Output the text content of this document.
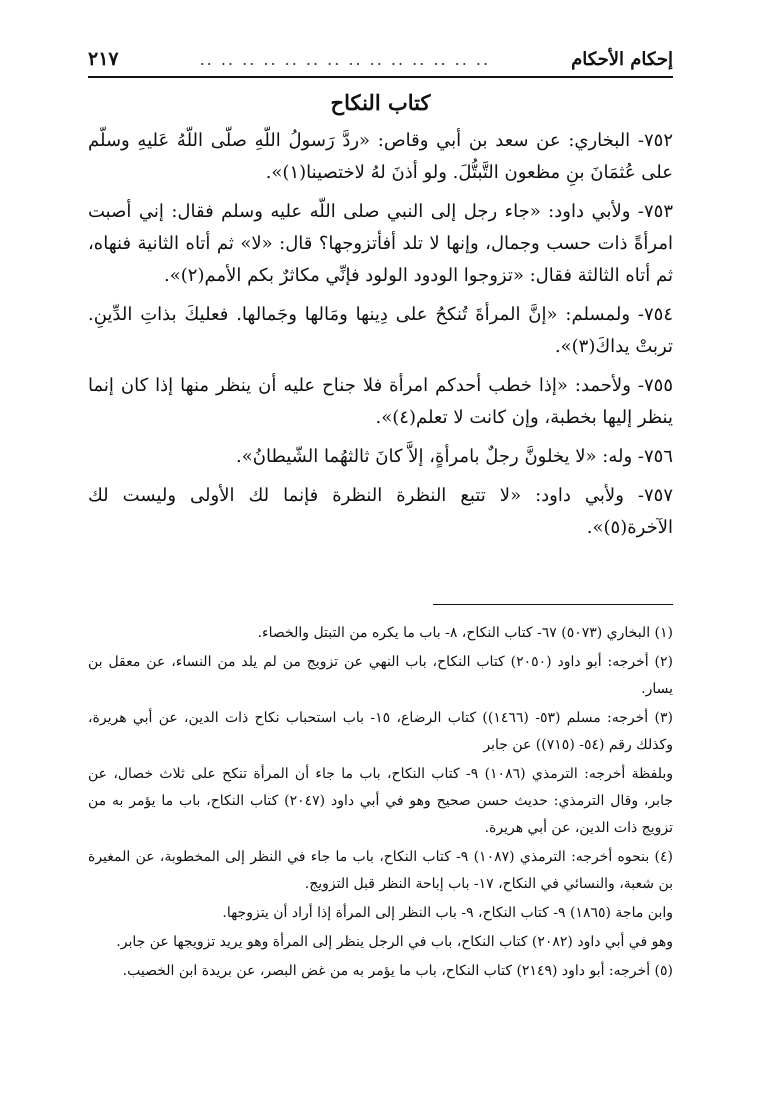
٢١٧	.. .. .. .. .. .. .. .. .. .. .. .. .. ..	إحكام الأحكام
كتاب النكاح

٧٥٢- البخاري: عن سعد بن أبي وقاص: «ردَّ رَسولُ اللّهِ صلّى اللّهُ عَليهِ وسلّم على عُثمَانَ بنِ مظعون التَّبتُّلَ. ولو أذنَ لهُ لاختصينا(١)».

٧٥٣- ولأبي داود: «جاء رجل إلى النبي صلى اللّه عليه وسلم فقال: إني أصبت امرأةً ذات حسب وجمال، وإنها لا تلد أفأتزوجها؟ قال: «لا» ثم أتاه الثانية فنهاه، ثم أتاه الثالثة فقال: «تزوجوا الودود الولود فإنِّي مكاثرٌ بكم الأمم(٢)».

٧٥٤- ولمسلم: «إنَّ المرأةَ تُنكحُ على دِينها ومَالها وجَمالها. فعليكَ بذاتِ الدِّينِ. تربتْ يداكَ(٣)».

٧٥٥- ولأحمد: «إذا خطب أحدكم امرأة فلا جناح عليه أن ينظر منها إذا كان إنما ينظر إليها بخطبة، وإن كانت لا تعلم(٤)».

٧٥٦- وله: «لا يخلونَّ رجلٌ بامرأةٍ، إلاَّ كانَ ثالثهُما الشّيطانُ».

٧٥٧- ولأبي داود: «لا تتبع النظرة النظرة فإنما لك الأولى وليست لك الآخرة(٥)».

(١) البخاري (٥٠٧٣) ٦٧- كتاب النكاح، ٨- باب ما يكره من التبتل والخصاء.

(٢) أخرجه: أبو داود (٢٠٥٠) كتاب النكاح، باب النهي عن تزويج من لم يلد من النساء، عن معقل بن يسار.

(٣) أخرجه: مسلم (٥٣- (١٤٦٦)) كتاب الرضاع، ١٥- باب استحباب نكاح ذات الدين، عن أبي هريرة، وكذلك رقم (٥٤- (٧١٥)) عن جابر

وبلفظة أخرجه: الترمذي (١٠٨٦) ٩- كتاب النكاح، باب ما جاء أن المرأة تنكح على ثلاث خصال، عن جابر، وقال الترمذي: حديث حسن صحيح وهو في أبي داود (٢٠٤٧) كتاب النكاح، باب ما يؤمر به من تزويج ذات الدين، عن أبي هريرة.

(٤) بنحوه أخرجه: الترمذي (١٠٨٧) ٩- كتاب النكاح، باب ما جاء في النظر إلى المخطوبة، عن المغيرة بن شعبة، والنسائي في النكاح، ١٧- باب إباحة النظر قبل التزويج.

وابن ماجة (١٨٦٥) ٩- كتاب النكاح، ٩- باب النظر إلى المرأة إذا أراد أن يتزوجها.

وهو في أبي داود (٢٠٨٢) كتاب النكاح، باب في الرجل ينظر إلى المرأة وهو يريد تزويجها عن جابر.

(٥) أخرجه: أبو داود (٢١٤٩) كتاب النكاح، باب ما يؤمر به من غض البصر، عن بريدة ابن الخصيب.
